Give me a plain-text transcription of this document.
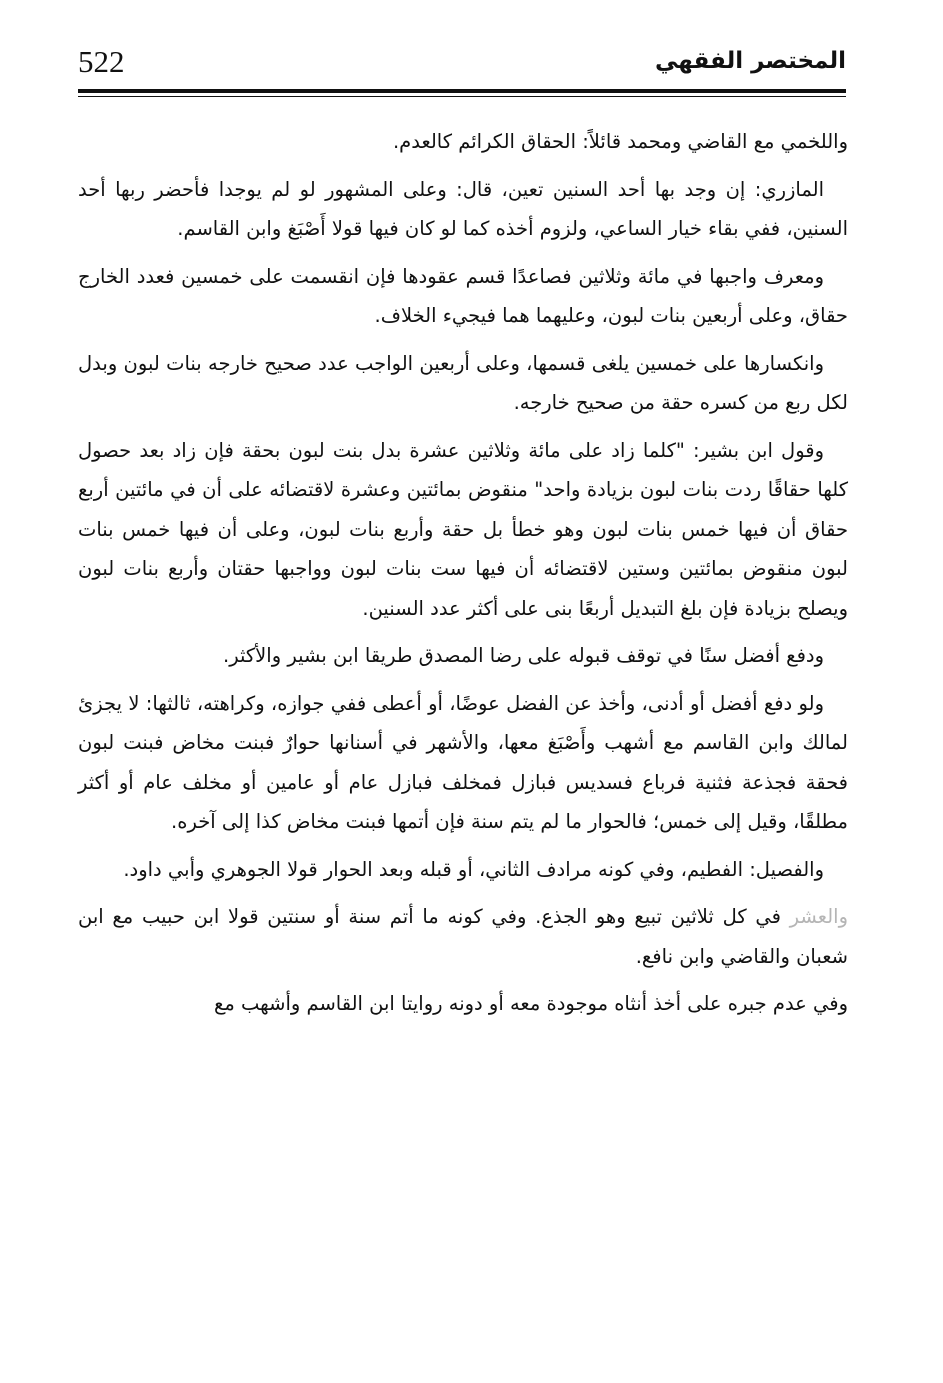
522	المختصر الفقهي

واللخمي مع القاضي ومحمد قائلاً: الحقاق الكرائم كالعدم.

المازري: إن وجد بها أحد السنين تعين، قال: وعلى المشهور لو لم يوجدا فأحضر ربها أحد السنين، ففي بقاء خيار الساعي، ولزوم أخذه كما لو كان فيها قولا أَصْبَغ وابن القاسم.

ومعرف واجبها في مائة وثلاثين فصاعدًا قسم عقودها فإن انقسمت على خمسين فعدد الخارج حقاق، وعلى أربعين بنات لبون، وعليهما هما فيجيء الخلاف.

وانكسارها على خمسين يلغى قسمها، وعلى أربعين الواجب عدد صحيح خارجه بنات لبون وبدل لكل ربع من كسره حقة من صحيح خارجه.

وقول ابن بشير: "كلما زاد على مائة وثلاثين عشرة بدل بنت لبون بحقة فإن زاد بعد حصول كلها حقاقًا ردت بنات لبون بزيادة واحد" منقوض بمائتين وعشرة لاقتضائه على أن في مائتين أربع حقاق أن فيها خمس بنات لبون وهو خطأ بل حقة وأربع بنات لبون، وعلى أن فيها خمس بنات لبون منقوض بمائتين وستين لاقتضائه أن فيها ست بنات لبون وواجبها حقتان وأربع بنات لبون ويصلح بزيادة فإن بلغ التبديل أربعًا بنى على أكثر عدد السنين.

ودفع أفضل سنًا في توقف قبوله على رضا المصدق طريقا ابن بشير والأكثر.

ولو دفع أفضل أو أدنى، وأخذ عن الفضل عوضًا، أو أعطى ففي جوازه، وكراهته، ثالثها: لا يجزئ لمالك وابن القاسم مع أشهب وأَصْبَغ معها، والأشهر في أسنانها حوارٌ فبنت مخاض فبنت لبون فحقة فجذعة فثنية فرباع فسديس فبازل فمخلف فبازل عام أو عامين أو مخلف عام أو أكثر مطلقًا، وقيل إلى خمس؛ فالحوار ما لم يتم سنة فإن أتمها فبنت مخاض كذا إلى آخره.

والفصيل: الفطيم، وفي كونه مرادف الثاني، أو قبله وبعد الحوار قولا الجوهري وأبي داود.

والعشر في كل ثلاثين تبيع وهو الجذع. وفي كونه ما أتم سنة أو سنتين قولا ابن حبيب مع ابن شعبان والقاضي وابن نافع.

وفي عدم جبره على أخذ أنثاه موجودة معه أو دونه روايتا ابن القاسم وأشهب مع
